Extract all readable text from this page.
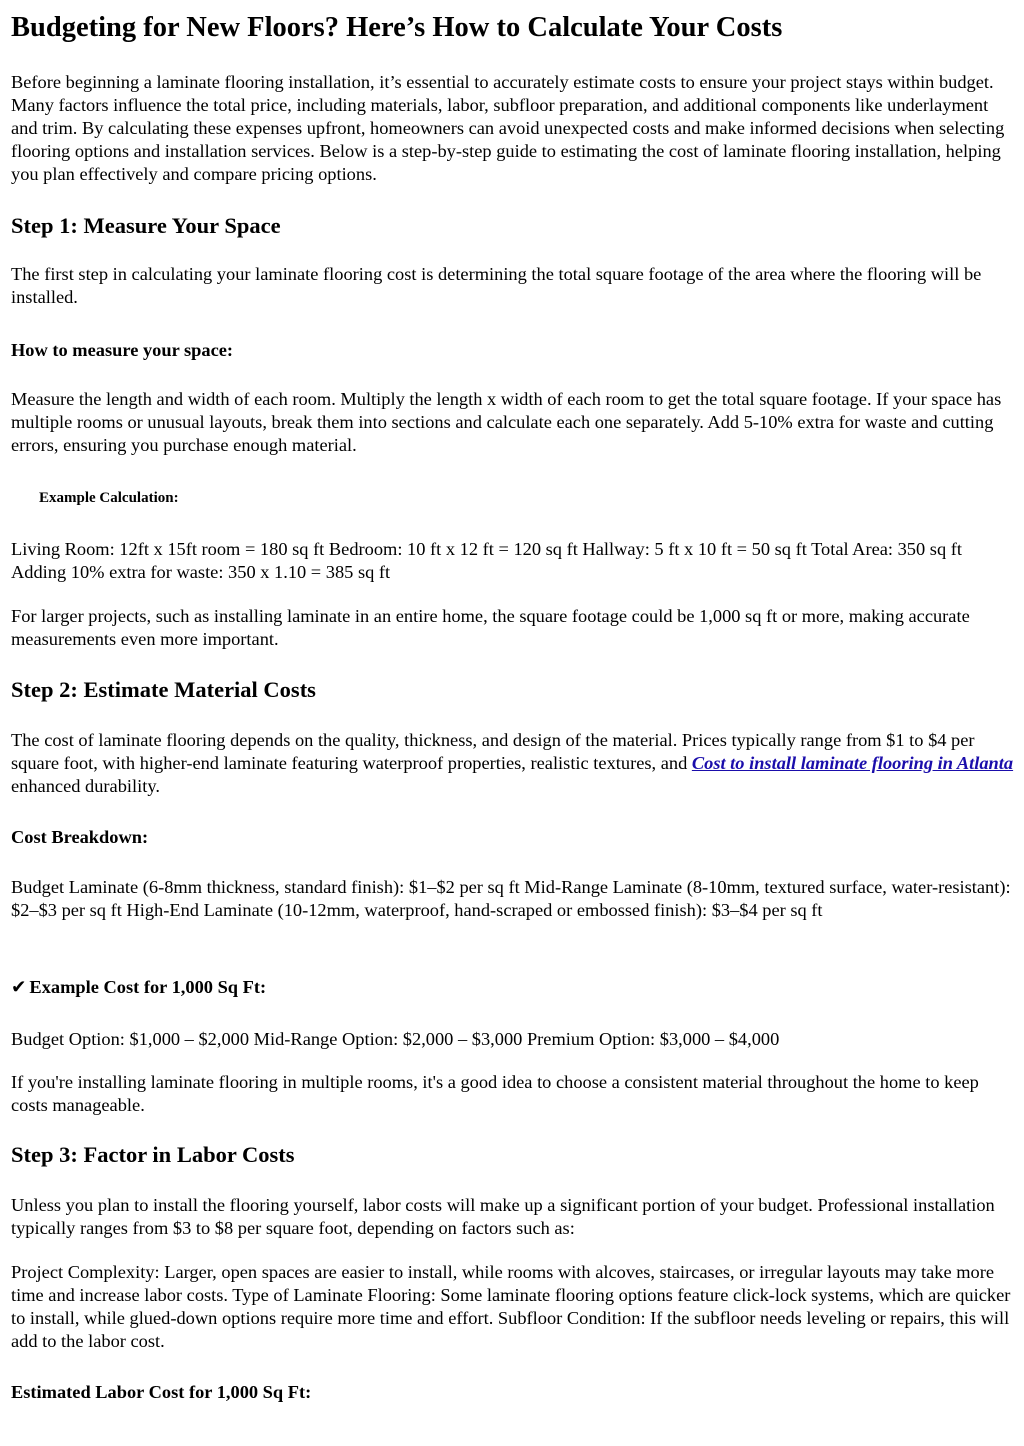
Budgeting for New Floors? Here’s How to Calculate Your Costs

Before beginning a laminate flooring installation, it’s essential to accurately estimate costs to ensure your project stays within budget. Many factors influence the total price, including materials, labor, subfloor preparation, and additional components like underlayment and trim. By calculating these expenses upfront, homeowners can avoid unexpected costs and make informed decisions when selecting flooring options and installation services. Below is a step-by-step guide to estimating the cost of laminate flooring installation, helping you plan effectively and compare pricing options.

Step 1: Measure Your Space

The first step in calculating your laminate flooring cost is determining the total square footage of the area where the flooring will be installed.

How to measure your space:

Measure the length and width of each room. Multiply the length x width of each room to get the total square footage. If your space has multiple rooms or unusual layouts, break them into sections and calculate each one separately. Add 5-10% extra for waste and cutting errors, ensuring you purchase enough material.

Example Calculation:

Living Room: 12ft x 15ft room = 180 sq ft Bedroom: 10 ft x 12 ft = 120 sq ft Hallway: 5 ft x 10 ft = 50 sq ft Total Area: 350 sq ft Adding 10% extra for waste: 350 x 1.10 = 385 sq ft

For larger projects, such as installing laminate in an entire home, the square footage could be 1,000 sq ft or more, making accurate measurements even more important.

Step 2: Estimate Material Costs

The cost of laminate flooring depends on the quality, thickness, and design of the material. Prices typically range from $1 to $4 per square foot, with higher-end laminate featuring waterproof properties, realistic textures, and Cost to install laminate flooring in Atlanta enhanced durability.

Cost Breakdown:

Budget Laminate (6-8mm thickness, standard finish): $1–$2 per sq ft Mid-Range Laminate (8-10mm, textured surface, water-resistant): $2–$3 per sq ft High-End Laminate (10-12mm, waterproof, hand-scraped or embossed finish): $3–$4 per sq ft

✔ Example Cost for 1,000 Sq Ft:

Budget Option: $1,000 – $2,000 Mid-Range Option: $2,000 – $3,000 Premium Option: $3,000 – $4,000

If you're installing laminate flooring in multiple rooms, it's a good idea to choose a consistent material throughout the home to keep costs manageable.

Step 3: Factor in Labor Costs

Unless you plan to install the flooring yourself, labor costs will make up a significant portion of your budget. Professional installation typically ranges from $3 to $8 per square foot, depending on factors such as:

Project Complexity: Larger, open spaces are easier to install, while rooms with alcoves, staircases, or irregular layouts may take more time and increase labor costs. Type of Laminate Flooring: Some laminate flooring options feature click-lock systems, which are quicker to install, while glued-down options require more time and effort. Subfloor Condition: If the subfloor needs leveling or repairs, this will add to the labor cost.

Estimated Labor Cost for 1,000 Sq Ft:
